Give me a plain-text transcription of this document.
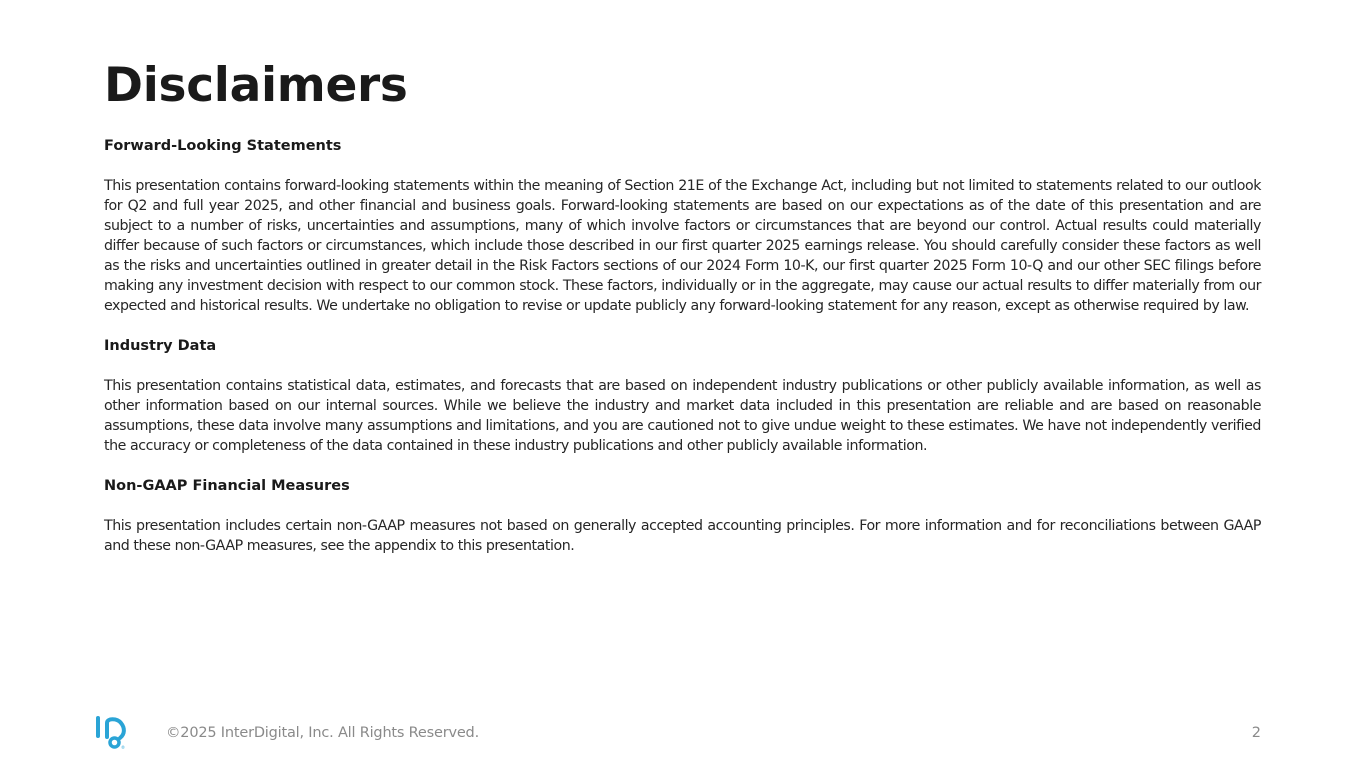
Disclaimers
Forward-Looking Statements

This presentation contains forward-looking statements within the meaning of Section 21E of the Exchange Act, including but not limited to statements related to our outlook for Q2 and full year 2025, and other financial and business goals. Forward-looking statements are based on our expectations as of the date of this presentation and are subject to a number of risks, uncertainties and assumptions, many of which involve factors or circumstances that are beyond our control. Actual results could materially differ because of such factors or circumstances, which include those described in our first quarter 2025 earnings release. You should carefully consider these factors as well as the risks and uncertainties outlined in greater detail in the Risk Factors sections of our 2024 Form 10-K, our first quarter 2025 Form 10-Q and our other SEC filings before making any investment decision with respect to our common stock. These factors, individually or in the aggregate, may cause our actual results to differ materially from our expected and historical results. We undertake no obligation to revise or update publicly any forward-looking statement for any reason, except as otherwise required by law.

Industry Data

This presentation contains statistical data, estimates, and forecasts that are based on independent industry publications or other publicly available information, as well as other information based on our internal sources. While we believe the industry and market data included in this presentation are reliable and are based on reasonable assumptions, these data involve many assumptions and limitations, and you are cautioned not to give undue weight to these estimates. We have not independently verified the accuracy or completeness of the data contained in these industry publications and other publicly available information.

Non-GAAP Financial Measures

This presentation includes certain non-GAAP measures not based on generally accepted accounting principles. For more information and for reconciliations between GAAP and these non-GAAP measures, see the appendix to this presentation.

®
©2025 InterDigital, Inc. All Rights Reserved.	2
